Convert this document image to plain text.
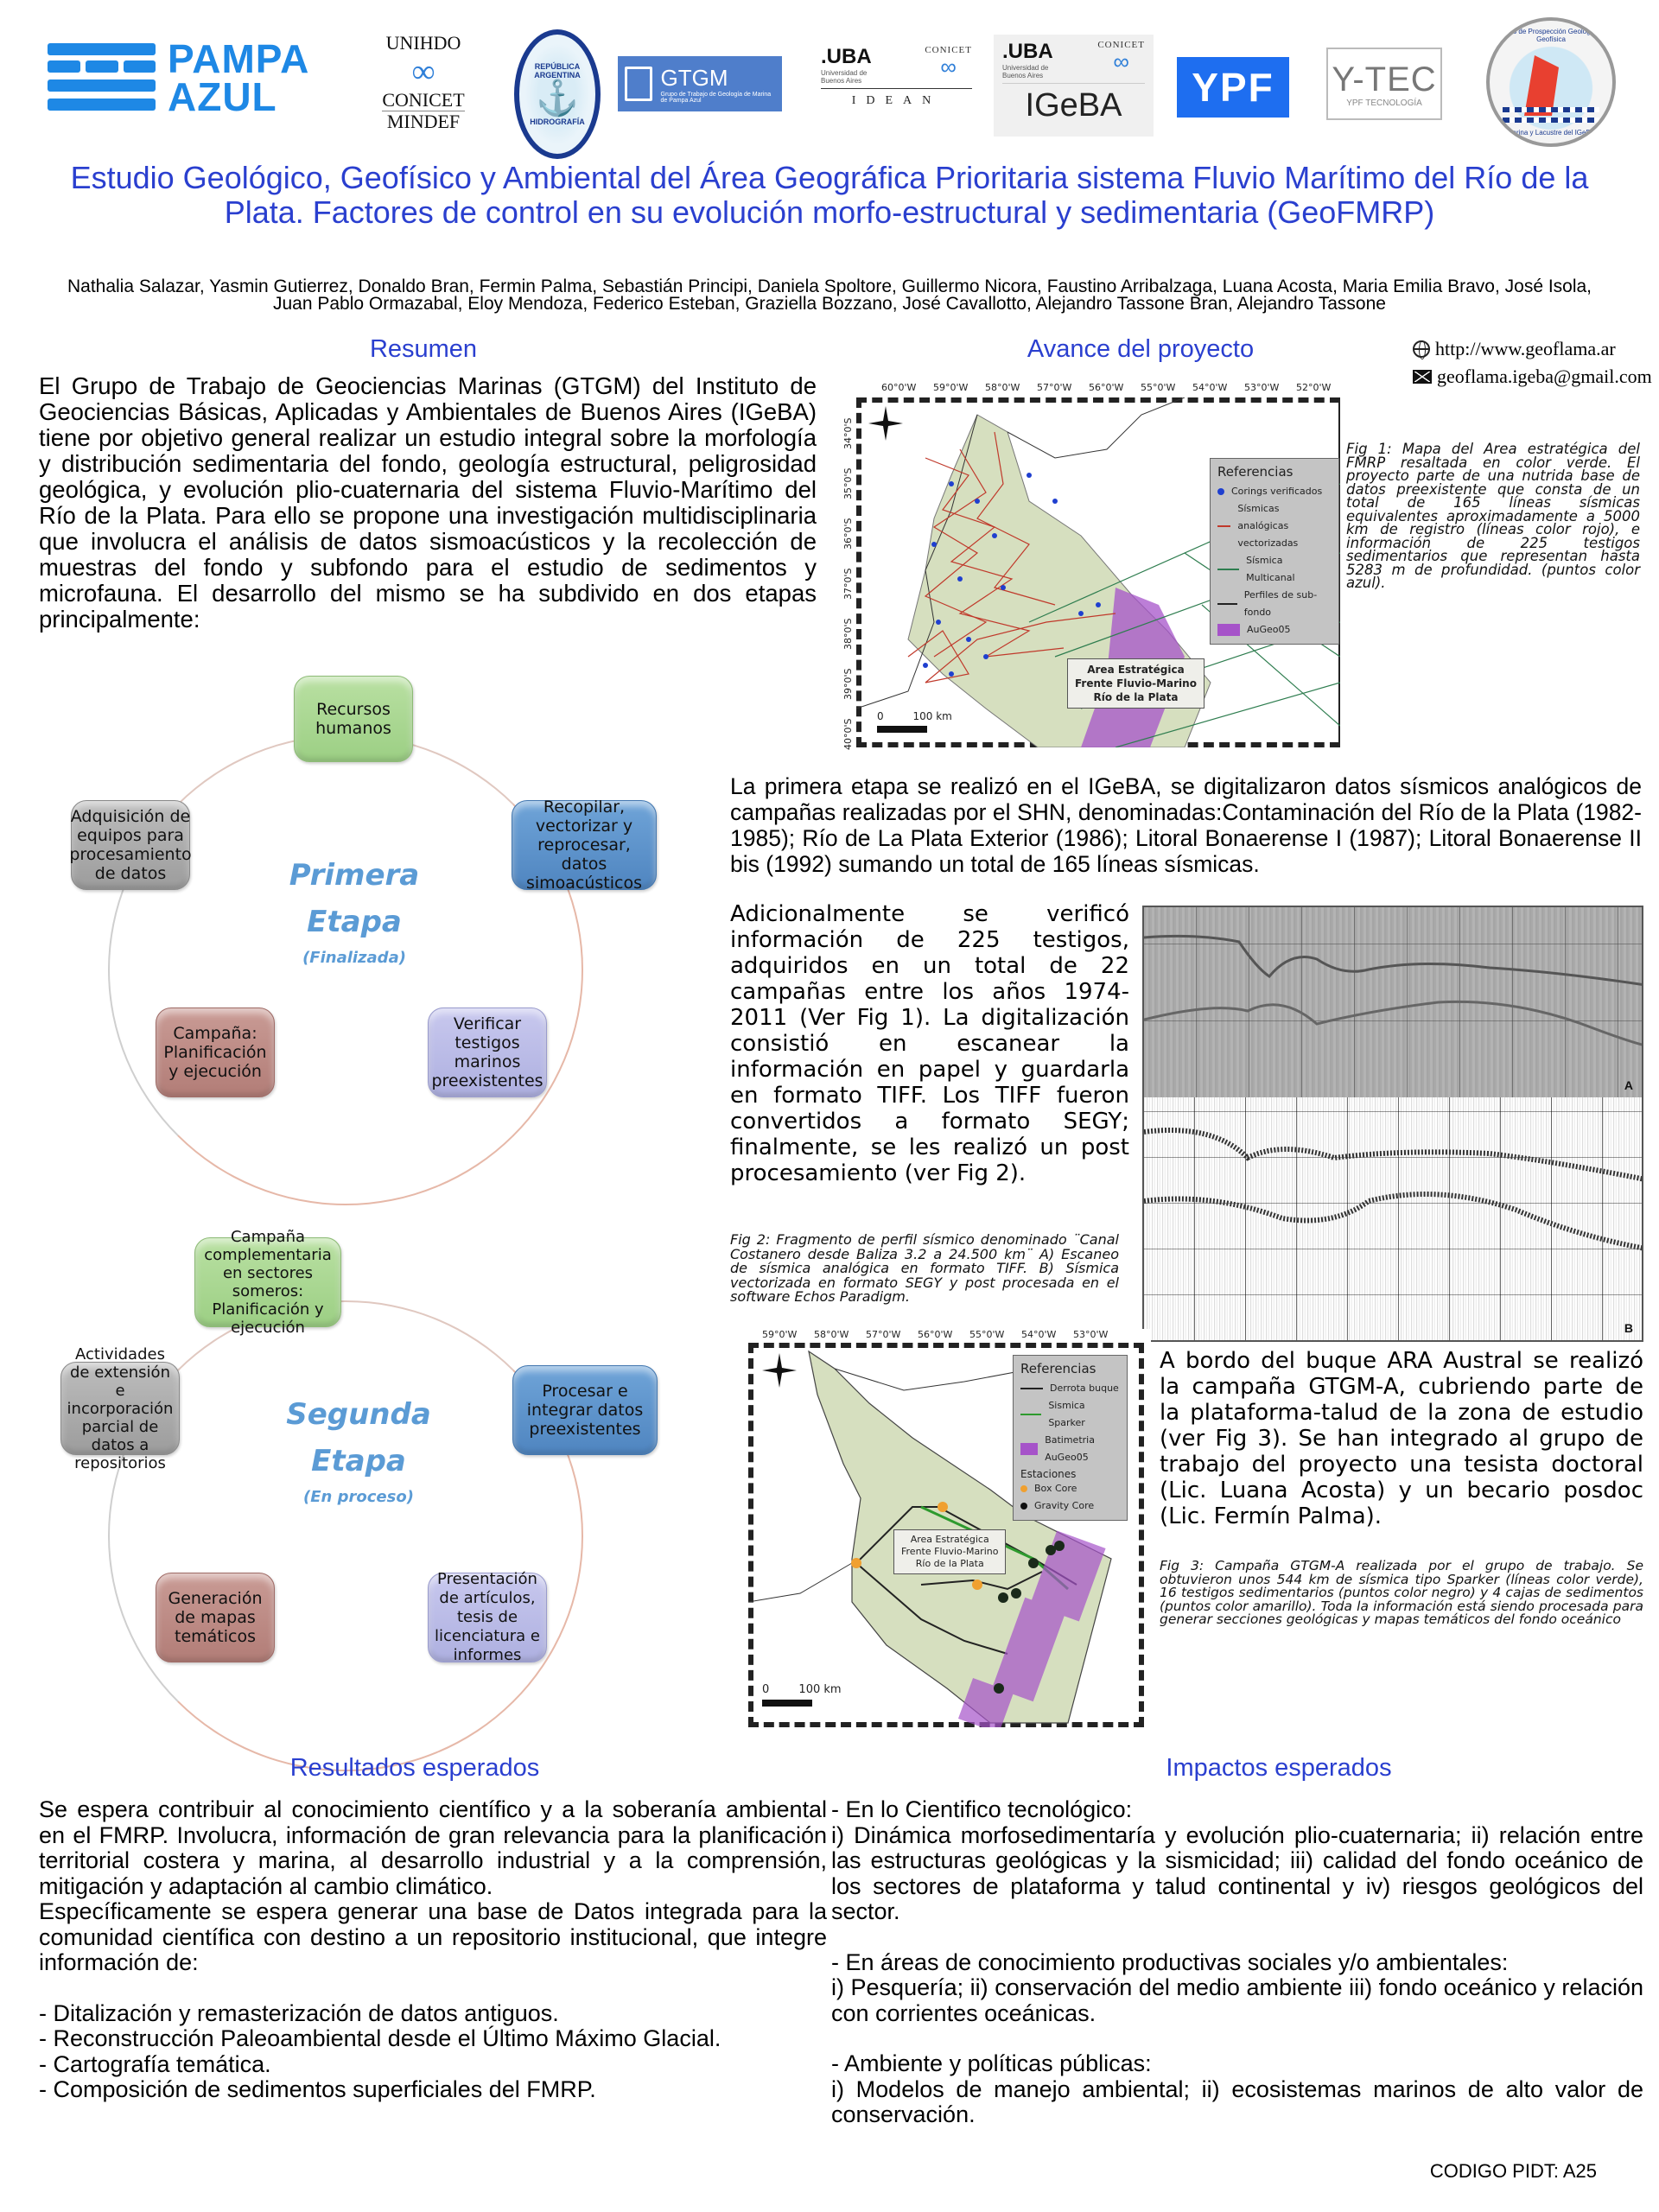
PAMPA
AZUL
UNIHDO
∞
CONICET
MINDEF
REPÚBLICA ARGENTINA
⚓
HIDROGRAFÍA
GTGM
Grupo de Trabajo de Geología de Marina de Pampa Azul
.UBA
Universidad de Buenos Aires
CONICET
∞
IDEAN
.UBA
Universidad de Buenos Aires
CONICET
∞
IGeBA	YPF	Y-TEC
YPF TECNOLOGÍA
Grupo de Prospección Geológica y Geofísica
Marina y Lacustre del IGeBA
Estudio Geológico, Geofísico y Ambiental del Área Geográfica Prioritaria sistema Fluvio Marítimo del Río de la Plata. Factores de control en su evolución morfo-estructural y sedimentaria (GeoFMRP)
Nathalia Salazar, Yasmin Gutierrez, Donaldo Bran, Fermin Palma, Sebastián Principi, Daniela Spoltore, Guillermo Nicora, Faustino Arribalzaga, Luana Acosta, Maria Emilia Bravo, José Isola, Juan Pablo Ormazabal, Eloy Mendoza, Federico Esteban, Graziella Bozzano, José Cavallotto, Alejandro Tassone Bran, Alejandro Tassone
Resumen

El Grupo de Trabajo de Geociencias Marinas (GTGM) del Instituto de Geociencias Básicas, Aplicadas y Ambientales de Buenos Aires (IGeBA) tiene por objetivo general realizar un estudio integral sobre la morfología y distribución sedimentaria del fondo, geología estructural, peligrosidad geológica, y evolución plio-cuaternaria del sistema Fluvio-Marítimo del Río de la Plata. Para ello se propone una investigación multidisciplinaria que involucra el análisis de datos sismoacústicos y la recolección de muestras del fondo y subfondo para el estudio de sedimentos y microfauna. El desarrollo del mismo se ha subdivido en dos etapas principalmente:

Recursos humanos
Recopilar, vectorizar y reprocesar, datos simoacústicos
Verificar testigos marinos preexistentes
Campaña: Planificación y ejecución
Adquisición de equipos para procesamiento de datos	Primera
Etapa
(Finalizada)
Campaña complementaria en sectores someros: Planificación y ejecución
Procesar e integrar datos preexistentes
Presentación de artículos, tesis de licenciatura e informes
Generación de mapas temáticos
Actividades de extensión e incorporación parcial de datos a repositorios
Segunda
Etapa
(En proceso)
Avance del proyecto	http://www.geoflama.ar
geoflama.igeba@gmail.com
60°0'W 59°0'W 58°0'W 57°0'W 56°0'W 55°0'W 54°0'W 53°0'W 52°0'W
34°0'S
35°0'S
36°0'S
37°0'S
38°0'S
39°0'S
40°0'S
Referencias
Corings verificados
Sísmicas analógicas vectorizadas
Sísmica Multicanal
Perfiles de sub-fondo
AuGeo05
Area Estratégica
Frente Fluvio-Marino
Río de la Plata
0	100 km

Fig 1: Mapa del Area estratégica del FMRP resaltada en color verde. El proyecto parte de una nutrida base de datos preexistente que consta de un total de 165 líneas sísmicas equivalentes aproximadamente a 5000 km de registro (líneas color rojo), e información de 225 testigos sedimentarios que representan hasta 5283 m de profundidad. (puntos color azul).

La primera etapa se realizó en el IGeBA, se digitalizaron datos sísmicos analógicos de campañas realizadas por el SHN, denominadas:Contaminación del Río de la Plata (1982-1985); Río de La Plata Exterior (1986); Litoral Bonaerense I (1987); Litoral Bonaerense II bis (1992) sumando un total de 165 líneas sísmicas.

Adicionalmente se verificó información de 225 testigos, adquiridos en un total de 22 campañas entre los años 1974-2011 (Ver Fig 1). La digitalización consistió en escanear la información en papel y guardarla en formato TIFF. Los TIFF fueron convertidos a formato SEGY; finalmente, se les realizó un post procesamiento (ver Fig 2).

A
B

Fig 2: Fragmento de perfil sísmico denominado ¨Canal Costanero desde Baliza 3.2 a 24.500 km¨ A) Escaneo de sísmica analógica en formato TIFF. B) Sísmica vectorizada en formato SEGY y post procesada en el software Echos Paradigm.

59°0'W 58°0'W 57°0'W 56°0'W 55°0'W 54°0'W 53°0'W
Referencias
Derrota buque
Sismica Sparker
Batimetria AuGeo05
Estaciones
Box Core
Gravity Core
Area Estratégica
Frente Fluvio-Marino
Río de la Plata
0	100 km

A bordo del buque ARA Austral se realizó la campaña GTGM-A, cubriendo parte de la plataforma-talud de la zona de estudio (ver Fig 3). Se han integrado al grupo de trabajo del proyecto una tesista doctoral (Lic. Luana Acosta) y un becario posdoc (Lic. Fermín Palma).

Fig 3: Campaña GTGM-A realizada por el grupo de trabajo. Se obtuvieron unos 544 km de sísmica tipo Sparker (líneas color verde), 16 testigos sedimentarios (puntos color negro) y 4 cajas de sedimentos (puntos color amarillo). Toda la información está siendo procesada para generar secciones geológicas y mapas temáticos del fondo oceánico

Resultados esperados

Se espera contribuir al conocimiento científico y a la soberanía ambiental en el FMRP. Involucra, información de gran relevancia para la planificación territorial costera y marina, al desarrollo industrial y a la comprensión, mitigación y adaptación al cambio climático.

Específicamente se espera generar una base de Datos integrada para la comunidad científica con destino a un repositorio institucional, que integre información de:

- Ditalización y remasterización de datos antiguos.

- Reconstrucción Paleoambiental desde el Último Máximo Glacial.

- Cartografía temática.

- Composición de sedimentos superficiales del FMRP.

Impactos esperados

- En lo Cientifico tecnológico:

i) Dinámica morfosedimentaría y evolución plio-cuaternaria; ii) relación entre las estructuras geológicas y la sismicidad; iii) calidad del fondo oceánico de los sectores de plataforma y talud continental y iv) riesgos geológicos del sector.

- En áreas de conocimiento productivas sociales y/o ambientales:

i) Pesquería; ii) conservación del medio ambiente iii) fondo oceánico y relación con corrientes oceánicas.

- Ambiente y políticas públicas:

i) Modelos de manejo ambiental; ii) ecosistemas marinos de alto valor de conservación.

CODIGO PIDT: A25
